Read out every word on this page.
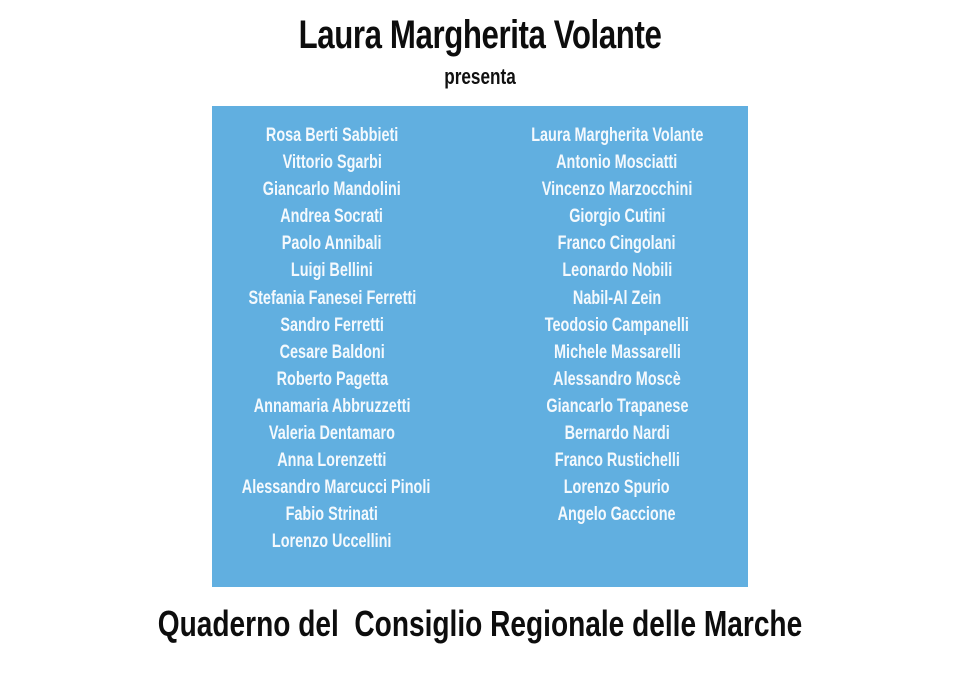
Laura Margherita Volante
presenta
Rosa Berti Sabbieti
Vittorio Sgarbi
Giancarlo Mandolini
Andrea Socrati
Paolo Annibali
Luigi Bellini
Stefania Fanesei Ferretti
Sandro Ferretti
Cesare Baldoni
Roberto Pagetta
Annamaria Abbruzzetti
Valeria Dentamaro
Anna Lorenzetti
Alessandro Marcucci Pinoli
Fabio Strinati
Lorenzo Uccellini
Laura Margherita Volante
Antonio Mosciatti
Vincenzo Marzocchini
Giorgio Cutini
Franco Cingolani
Leonardo Nobili
Nabil-Al Zein
Teodosio Campanelli
Michele Massarelli
Alessandro Moscè
Giancarlo Trapanese
Bernardo Nardi
Franco Rustichelli
Lorenzo Spurio
Angelo Gaccione
Quaderno del  Consiglio Regionale delle Marche
